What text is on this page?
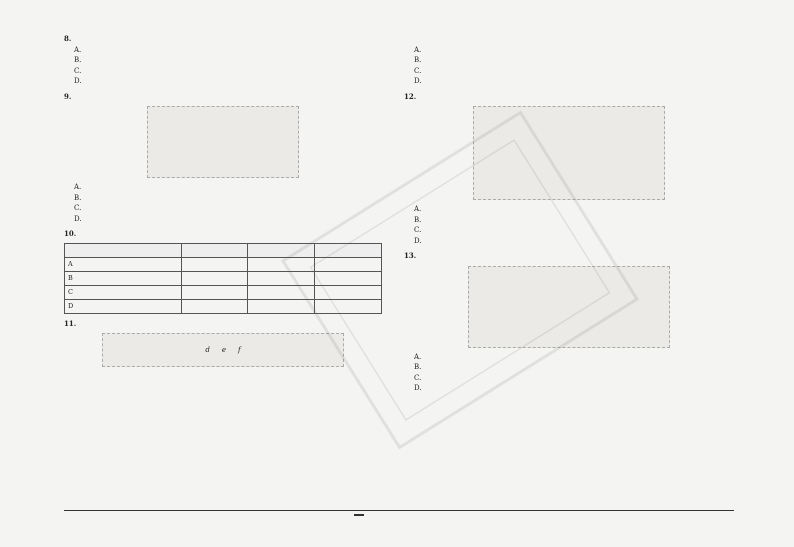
8.
A.
B.
C.
D.
9.
A.
B.
C.
D.
10.

A			
B			
C			
D			
11.
d e f
A.
B.
C.
D.
12.
A.
B.
C.
D.
13.
A.
B.
C.
D.
